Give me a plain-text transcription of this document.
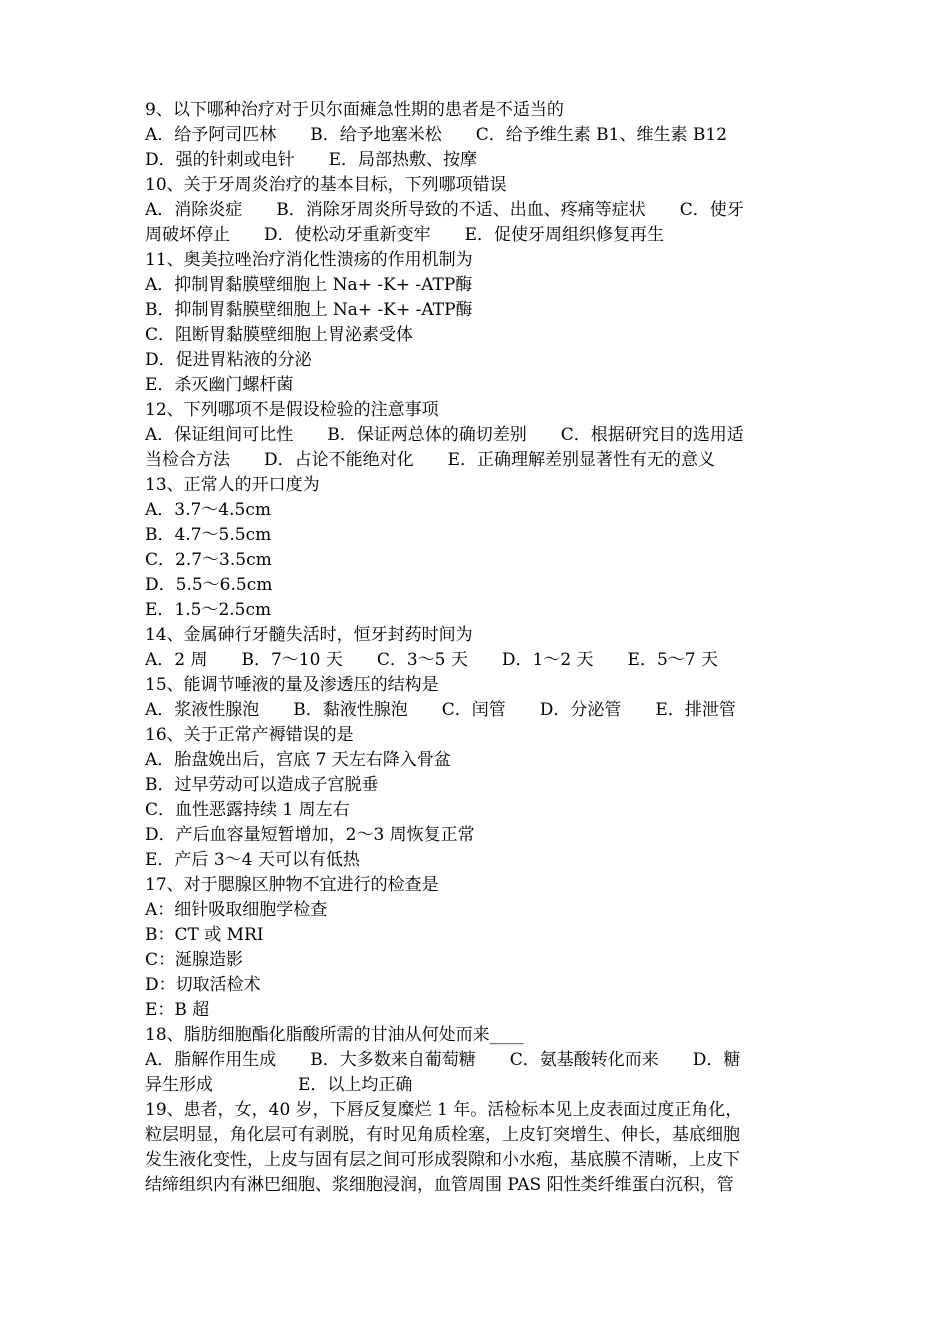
9、以下哪种治疗对于贝尔面瘫急性期的患者是不适当的
A．给予阿司匹林　　B．给予地塞米松　　C．给予维生素 B1、维生素 B12
D．强的针刺或电针　　E．局部热敷、按摩
10、关于牙周炎治疗的基本目标，下列哪项错误
A．消除炎症　　B．消除牙周炎所导致的不适、出血、疼痛等症状　　C．使牙
周破坏停止　　D．使松动牙重新变牢　　E．促使牙周组织修复再生
11、奥美拉唑治疗消化性溃疡的作用机制为
A．抑制胃黏膜壁细胞上 Na+ -K+ -ATP酶
B．抑制胃黏膜壁细胞上 Na+ -K+ -ATP酶
C．阻断胃黏膜壁细胞上胃泌素受体
D．促进胃粘液的分泌
E．杀灭幽门螺杆菌
12、下列哪项不是假设检验的注意事项
A．保证组间可比性　　B．保证两总体的确切差别　　C．根据研究目的选用适
当检合方法　　D．占论不能绝对化　　E．正确理解差别显著性有无的意义
13、正常人的开口度为
A．3.7～4.5cm
B．4.7～5.5cm
C．2.7～3.5cm
D．5.5～6.5cm
E．1.5～2.5cm
14、金属砷行牙髓失活时，恒牙封药时间为
A．2 周　　B．7～10 天　　C．3～5 天　　D．1～2 天　　E．5～7 天
15、能调节唾液的量及渗透压的结构是
A．浆液性腺泡　　B．黏液性腺泡　　C．闰管　　D．分泌管　　E．排泄管
16、关于正常产褥错误的是
A．胎盘娩出后，宫底 7 天左右降入骨盆
B．过早劳动可以造成子宫脱垂
C．血性恶露持续 1 周左右
D．产后血容量短暂增加，2～3 周恢复正常
E．产后 3～4 天可以有低热
17、对于腮腺区肿物不宜进行的检查是
A：细针吸取细胞学检查
B：CT 或 MRI
C：涎腺造影
D：切取活检术
E：B 超
18、脂肪细胞酯化脂酸所需的甘油从何处而来____
A．脂解作用生成　　B．大多数来自葡萄糖　　C．氨基酸转化而来　　D．糖
异生形成　　　　　E．以上均正确
19、患者，女，40 岁，下唇反复糜烂 1 年。活检标本见上皮表面过度正角化，
粒层明显，角化层可有剥脱，有时见角质栓塞，上皮钉突增生、伸长，基底细胞
发生液化变性，上皮与固有层之间可形成裂隙和小水疱，基底膜不清晰，上皮下
结缔组织内有淋巴细胞、浆细胞浸润，血管周围 PAS 阳性类纤维蛋白沉积，管
